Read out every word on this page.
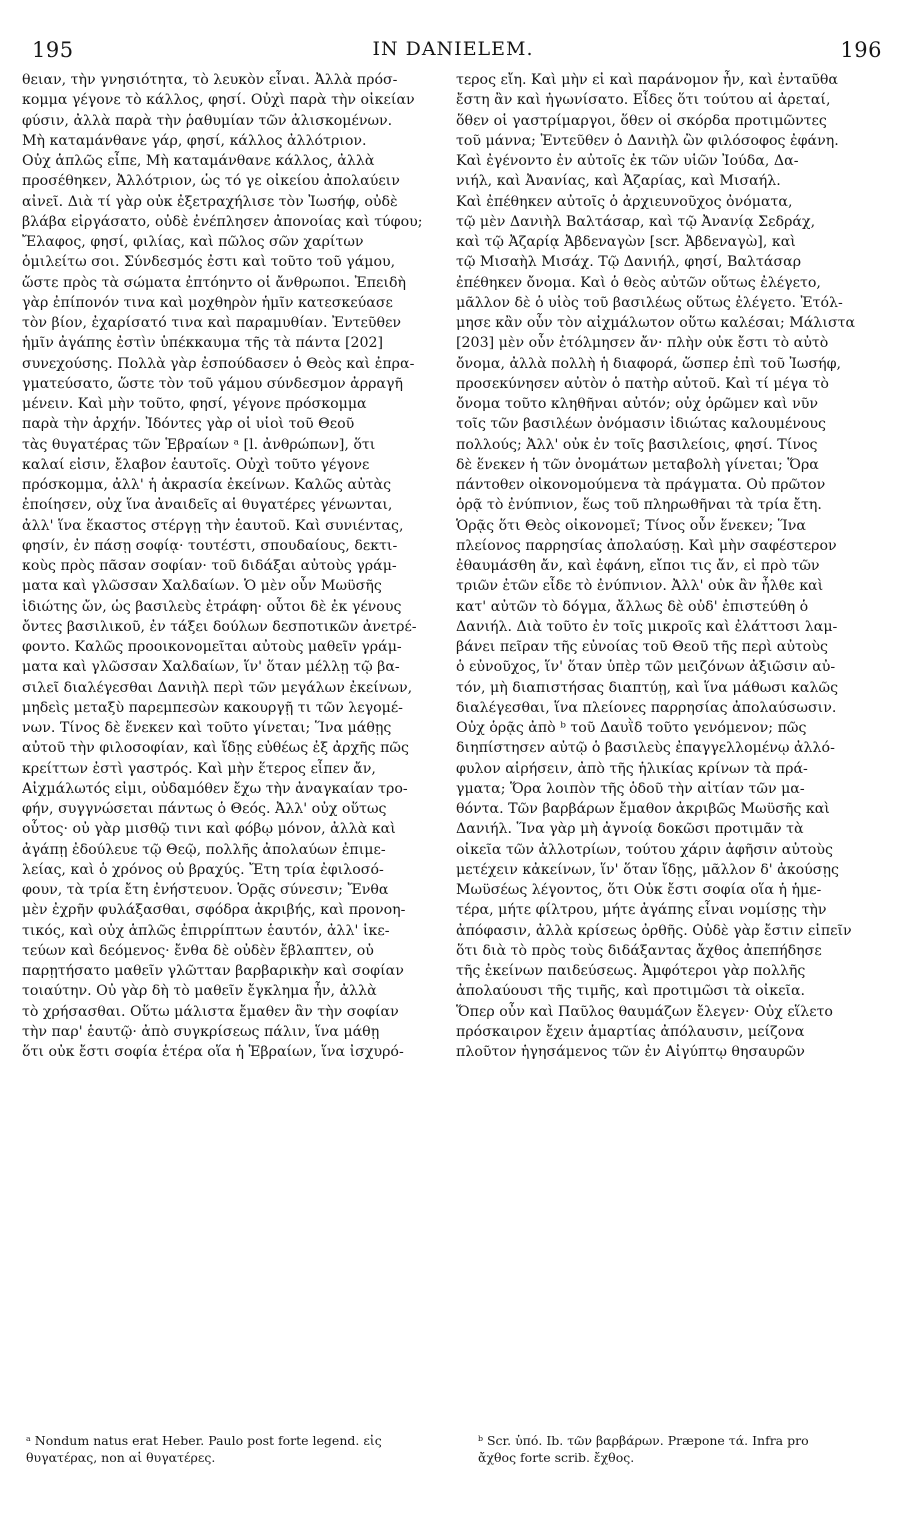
195	IN DANIELEM.	196
θειαν, τὴν γνησιότητα, τὸ λευκὸν εἶναι. Ἀλλὰ πρόσ-
κομμα γέγονε τὸ κάλλος, φησί. Οὐχὶ παρὰ τὴν οἰκείαν
φύσιν, ἀλλὰ παρὰ τὴν ῥαθυμίαν τῶν ἀλισκομένων.
Μὴ καταμάνθανε γάρ, φησί, κάλλος ἀλλότριον.
Οὐχ ἁπλῶς εἶπε, Μὴ καταμάνθανε κάλλος, ἀλλὰ
προσέθηκεν, Ἀλλότριον, ὡς τό γε οἰκείου ἀπολαύειν
αἰνεῖ. Διὰ τί γὰρ οὐκ ἐξετραχήλισε τὸν Ἰωσήφ, οὐδὲ
βλάβα εἰργάσατο, οὐδὲ ἐνέπλησεν ἀπονοίας καὶ τύφου;
Ἔλαφος, φησί, φιλίας, καὶ πῶλος σῶν χαρίτων
ὁμιλείτω σοι. Σύνδεσμός ἐστι καὶ τοῦτο τοῦ γάμου,
ὥστε πρὸς τὰ σώματα ἐπτόηντο οἱ ἄνθρωποι. Ἐπειδὴ
γὰρ ἐπίπονόν τινα καὶ μοχθηρὸν ἡμῖν κατεσκεύασε
τὸν βίον, ἐχαρίσατό τινα καὶ παραμυθίαν. Ἐντεῦθεν
ἡμῖν ἀγάπης ἐστὶν ὑπέκκαυμα τῆς τὰ πάντα [202]
συνεχούσης. Πολλὰ γὰρ ἐσπούδασεν ὁ Θεὸς καὶ ἐπρα-
γματεύσατο, ὥστε τὸν τοῦ γάμου σύνδεσμον ἀρραγῆ
μένειν. Καὶ μὴν τοῦτο, φησί, γέγονε πρόσκομμα
παρὰ τὴν ἀρχήν. Ἰδόντες γὰρ οἱ υἱοὶ τοῦ Θεοῦ
τὰς θυγατέρας τῶν Ἑβραίων ᵃ [l. ἀνθρώπων], ὅτι
καλαί εἰσιν, ἔλαβον ἑαυτοῖς. Οὐχὶ τοῦτο γέγονε
πρόσκομμα, ἀλλ' ἡ ἀκρασία ἐκείνων. Καλῶς αὐτὰς
ἐποίησεν, οὐχ ἵνα ἀναιδεῖς αἱ θυγατέρες γένωνται,
ἀλλ' ἵνα ἕκαστος στέργῃ τὴν ἑαυτοῦ. Καὶ συνιέντας,
φησίν, ἐν πάσῃ σοφίᾳ· τουτέστι, σπουδαίους, δεκτι-
κοὺς πρὸς πᾶσαν σοφίαν· τοῦ διδάξαι αὐτοὺς γράμ-
ματα καὶ γλῶσσαν Χαλδαίων. Ὁ μὲν οὖν Μωϋσῆς
ἰδιώτης ὤν, ὡς βασιλεὺς ἐτράφη· οὗτοι δὲ ἐκ γένους
ὄντες βασιλικοῦ, ἐν τάξει δούλων δεσποτικῶν ἀνετρέ-
φοντο. Καλῶς προοικονομεῖται αὐτοὺς μαθεῖν γράμ-
ματα καὶ γλῶσσαν Χαλδαίων, ἵν' ὅταν μέλλῃ τῷ βα-
σιλεῖ διαλέγεσθαι Δανιὴλ περὶ τῶν μεγάλων ἐκείνων,
μηδεὶς μεταξὺ παρεμπεσὼν κακουργῇ τι τῶν λεγομέ-
νων. Τίνος δὲ ἕνεκεν καὶ τοῦτο γίνεται; Ἵνα μάθῃς
αὐτοῦ τὴν φιλοσοφίαν, καὶ ἴδῃς εὐθέως ἐξ ἀρχῆς πῶς
κρείττων ἐστὶ γαστρός. Καὶ μὴν ἕτερος εἶπεν ἄν,
Αἰχμάλωτός εἰμι, οὐδαμόθεν ἔχω τὴν ἀναγκαίαν τρο-
φήν, συγγνώσεται πάντως ὁ Θεός. Ἀλλ' οὐχ οὕτως
οὗτος· οὐ γὰρ μισθῷ τινι καὶ φόβῳ μόνον, ἀλλὰ καὶ
ἀγάπῃ ἐδούλευε τῷ Θεῷ, πολλῆς ἀπολαύων ἐπιμε-
λείας, καὶ ὁ χρόνος οὐ βραχύς. Ἔτη τρία ἐφιλοσό-
φουν, τὰ τρία ἔτη ἐνήστευον. Ὁρᾷς σύνεσιν; Ἔνθα
μὲν ἐχρῆν φυλάξασθαι, σφόδρα ἀκριβής, καὶ προνοη-
τικός, καὶ οὐχ ἁπλῶς ἐπιρρίπτων ἑαυτόν, ἀλλ' ἱκε-
τεύων καὶ δεόμενος· ἔνθα δὲ οὐδὲν ἔβλαπτεν, οὐ
παρῃτήσατο μαθεῖν γλῶτταν βαρβαρικὴν καὶ σοφίαν
τοιαύτην. Οὐ γὰρ δὴ τὸ μαθεῖν ἔγκλημα ἦν, ἀλλὰ
τὸ χρήσασθαι. Οὕτω μάλιστα ἔμαθεν ἂν τὴν σοφίαν
τὴν παρ' ἑαυτῷ· ἀπὸ συγκρίσεως πάλιν, ἵνα μάθῃ
ὅτι οὐκ ἔστι σοφία ἑτέρα οἵα ἡ Ἑβραίων, ἵνα ἰσχυρό-
τερος εἴη. Καὶ μὴν εἰ καὶ παράνομον ἦν, καὶ ἐνταῦθα
ἔστη ἂν καὶ ἠγωνίσατο. Εἶδες ὅτι τούτου αἱ ἀρεταί,
ὅθεν οἱ γαστρίμαργοι, ὅθεν οἱ σκόρδα προτιμῶντες
τοῦ μάννα; Ἐντεῦθεν ὁ Δανιὴλ ὢν φιλόσοφος ἐφάνη.
Καὶ ἐγένοντο ἐν αὐτοῖς ἐκ τῶν υἱῶν Ἰούδα, Δα-
νιήλ, καὶ Ἀνανίας, καὶ Ἀζαρίας, καὶ Μισαήλ.
Καὶ ἐπέθηκεν αὐτοῖς ὁ ἀρχιευνοῦχος ὀνόματα,
τῷ μὲν Δανιὴλ Βαλτάσαρ, καὶ τῷ Ἀνανίᾳ Σεδράχ,
καὶ τῷ Ἀζαρίᾳ Ἀβδεναγὼν [scr. Ἀβδεναγὼ], καὶ
τῷ Μισαὴλ Μισάχ. Τῷ Δανιήλ, φησί, Βαλτάσαρ
ἐπέθηκεν ὄνομα. Καὶ ὁ θεὸς αὐτῶν οὕτως ἐλέγετο,
μᾶλλον δὲ ὁ υἱὸς τοῦ βασιλέως οὕτως ἐλέγετο. Ἐτόλ-
μησε κἂν οὖν τὸν αἰχμάλωτον οὕτω καλέσαι; Μάλιστα
[203] μὲν οὖν ἐτόλμησεν ἄν· πλὴν οὐκ ἔστι τὸ αὐτὸ
ὄνομα, ἀλλὰ πολλὴ ἡ διαφορά, ὥσπερ ἐπὶ τοῦ Ἰωσήφ,
προσεκύνησεν αὐτὸν ὁ πατὴρ αὐτοῦ. Καὶ τί μέγα τὸ
ὄνομα τοῦτο κληθῆναι αὐτόν; οὐχ ὁρῶμεν καὶ νῦν
τοῖς τῶν βασιλέων ὀνόμασιν ἰδιώτας καλουμένους
πολλούς; Ἀλλ' οὐκ ἐν τοῖς βασιλείοις, φησί. Τίνος
δὲ ἕνεκεν ἡ τῶν ὀνομάτων μεταβολὴ γίνεται; Ὅρα
πάντοθεν οἰκονομούμενα τὰ πράγματα. Οὐ πρῶτον
ὁρᾷ τὸ ἐνύπνιον, ἕως τοῦ πληρωθῆναι τὰ τρία ἔτη.
Ὁρᾷς ὅτι Θεὸς οἰκονομεῖ; Τίνος οὖν ἕνεκεν; Ἵνα
πλείονος παρρησίας ἀπολαύσῃ. Καὶ μὴν σαφέστερον
ἐθαυμάσθη ἄν, καὶ ἐφάνη, εἴποι τις ἄν, εἰ πρὸ τῶν
τριῶν ἐτῶν εἶδε τὸ ἐνύπνιον. Ἀλλ' οὐκ ἂν ἦλθε καὶ
κατ' αὐτῶν τὸ δόγμα, ἄλλως δὲ οὐδ' ἐπιστεύθη ὁ
Δανιήλ. Διὰ τοῦτο ἐν τοῖς μικροῖς καὶ ἐλάττοσι λαμ-
βάνει πεῖραν τῆς εὐνοίας τοῦ Θεοῦ τῆς περὶ αὐτοὺς
ὁ εὐνοῦχος, ἵν' ὅταν ὑπὲρ τῶν μειζόνων ἀξιῶσιν αὐ-
τόν, μὴ διαπιστήσας διαπτύῃ, καὶ ἵνα μάθωσι καλῶς
διαλέγεσθαι, ἵνα πλείονες παρρησίας ἀπολαύσωσιν.
Οὐχ ὁρᾷς ἀπὸ ᵇ τοῦ Δαυῒδ τοῦτο γενόμενον; πῶς
διηπίστησεν αὐτῷ ὁ βασιλεὺς ἐπαγγελλομένῳ ἀλλό-
φυλον αἱρήσειν, ἀπὸ τῆς ἡλικίας κρίνων τὰ πρά-
γματα; Ὅρα λοιπὸν τῆς ὁδοῦ τὴν αἰτίαν τῶν μα-
θόντα. Τῶν βαρβάρων ἔμαθον ἀκριβῶς Μωϋσῆς καὶ
Δανιήλ. Ἵνα γὰρ μὴ ἀγνοίᾳ δοκῶσι προτιμᾶν τὰ
οἰκεῖα τῶν ἀλλοτρίων, τούτου χάριν ἀφῆσιν αὐτοὺς
μετέχειν κἀκείνων, ἵν' ὅταν ἴδῃς, μᾶλλον δ' ἀκούσῃς
Μωϋσέως λέγοντος, ὅτι Οὐκ ἔστι σοφία οἵα ἡ ἡμε-
τέρα, μήτε φίλτρου, μήτε ἀγάπης εἶναι νομίσῃς τὴν
ἀπόφασιν, ἀλλὰ κρίσεως ὀρθῆς. Οὐδὲ γὰρ ἔστιν εἰπεῖν
ὅτι διὰ τὸ πρὸς τοὺς διδάξαντας ἄχθος ἀπεπήδησε
τῆς ἐκείνων παιδεύσεως. Ἀμφότεροι γὰρ πολλῆς
ἀπολαύουσι τῆς τιμῆς, καὶ προτιμῶσι τὰ οἰκεῖα.
Ὅπερ οὖν καὶ Παῦλος θαυμάζων ἔλεγεν· Οὐχ εἵλετο
πρόσκαιρον ἔχειν ἁμαρτίας ἀπόλαυσιν, μείζονα
πλοῦτον ἡγησάμενος τῶν ἐν Αἰγύπτῳ θησαυρῶν
ᵃ Nondum natus erat Heber. Paulo post forte legend. εἰς
θυγατέρας, non αἱ θυγατέρες.
ᵇ Scr. ὑπό. Ib. τῶν βαρβάρων. Præpone τά. Infra pro
ἄχθος forte scrib. ἔχθος.
